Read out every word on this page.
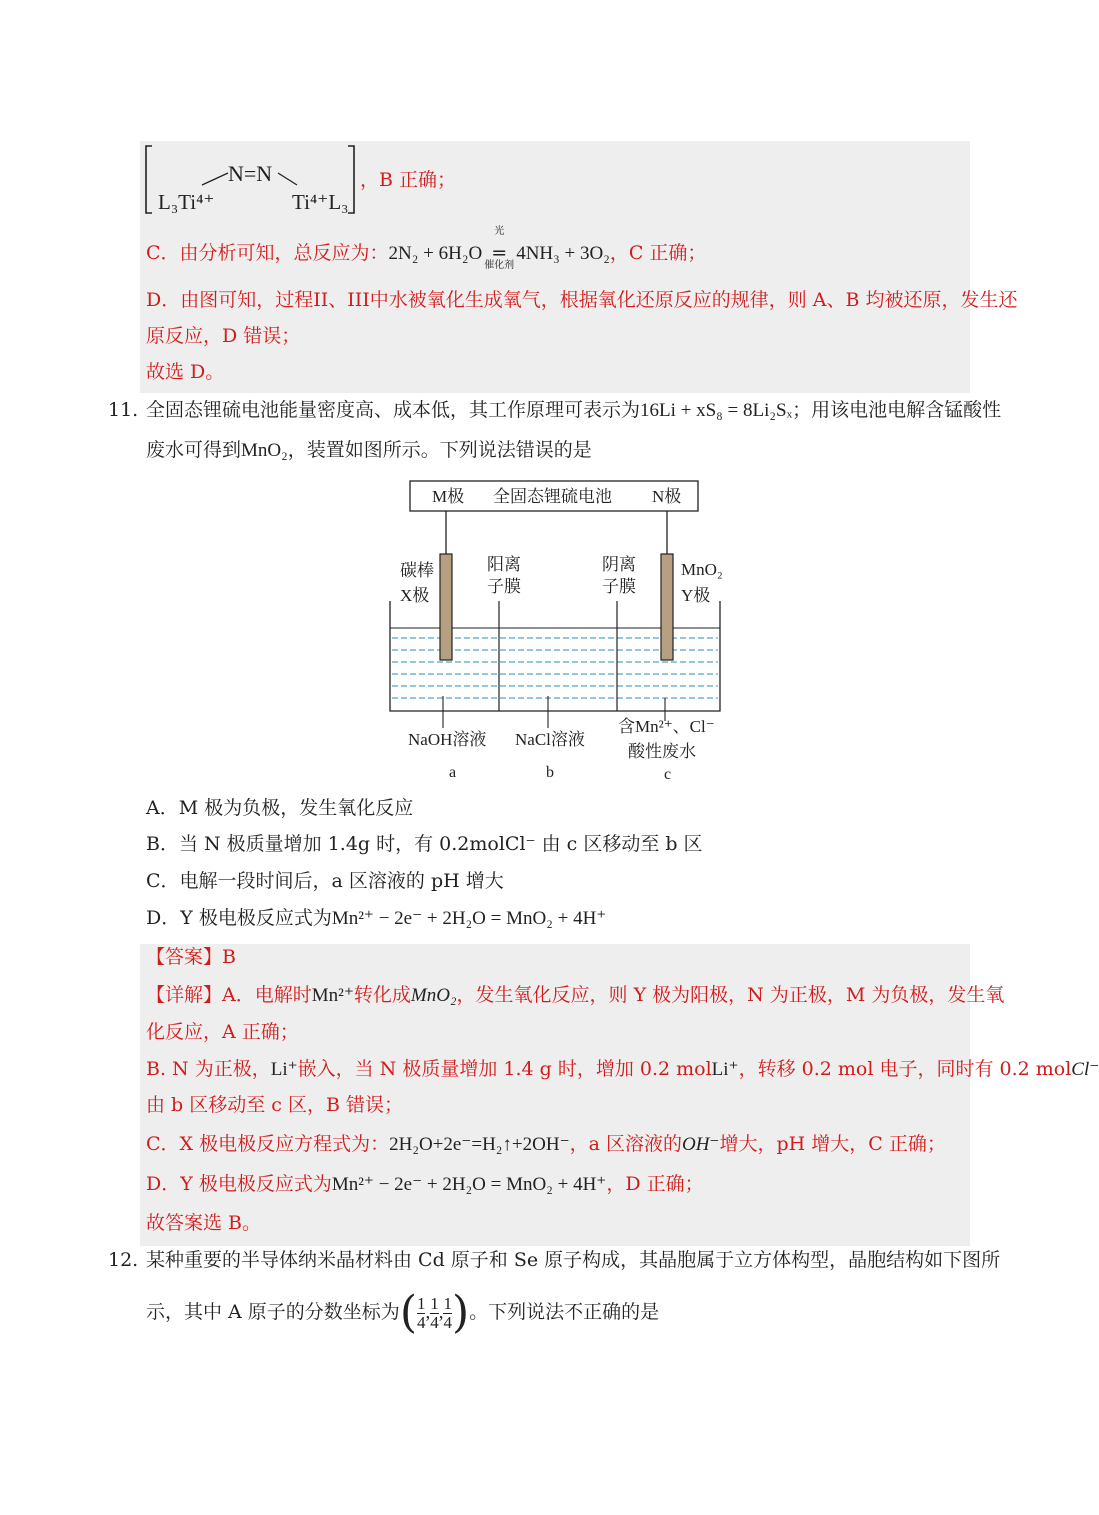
N=N
L₃Ti⁴⁺	Ti⁴⁺L₃
，B 正确；
C．由分析可知，总反应为：2N₂ + 6H₂O
光
=
催化剂
4NH₃ + 3O₂，C 正确；
D．由图可知，过程II、III中水被氧化生成氧气，根据氧化还原反应的规律，则 A、B 均被还原，发生还
原反应，D 错误；
故选 D。
11. 全固态锂硫电池能量密度高、成本低，其工作原理可表示为16Li + xS₈ = 8Li₂Sₓ；用该电池电解含锰酸性
废水可得到MnO₂，装置如图所示。下列说法错误的是
M极 全固态锂硫电池 N极
碳棒
X极
阳离
子膜
阴离
子膜
MnO₂
Y极
NaOH溶液 NaCl溶液
含Mn²⁺、Cl⁻
酸性废水
a	b	c
A．M 极为负极，发生氧化反应
B．当 N 极质量增加 1.4g 时，有 0.2molCl⁻ 由 c 区移动至 b 区
C．电解一段时间后，a 区溶液的 pH 增大
D．Y 极电极反应式为Mn²⁺ − 2e⁻ + 2H₂O = MnO₂ + 4H⁺
【答案】B
【详解】A．电解时Mn²⁺转化成MnO₂，发生氧化反应，则 Y 极为阳极，N 为正极，M 为负极，发生氧
化反应，A 正确；
B. N 为正极，Li⁺嵌入，当 N 极质量增加 1.4 g 时，增加 0.2 molLi⁺，转移 0.2 mol 电子，同时有 0.2 molCl⁻
由 b 区移动至 c 区，B 错误；
C．X 极电极反应方程式为：2H₂O+2e⁻=H₂↑+2OH⁻，a 区溶液的OH⁻增大，pH 增大，C 正确；
D．Y 极电极反应式为Mn²⁺ − 2e⁻ + 2H₂O = MnO₂ + 4H⁺，D 正确；
故答案选 B。
12. 某种重要的半导体纳米晶材料由 Cd 原子和 Se 原子构成，其晶胞属于立方体构型，晶胞结构如下图所
示，其中 A 原子的分数坐标为( $\frac{1}{4}$ , $\frac{1}{4}$ , $\frac{1}{4}$ )。下列说法不正确的是
